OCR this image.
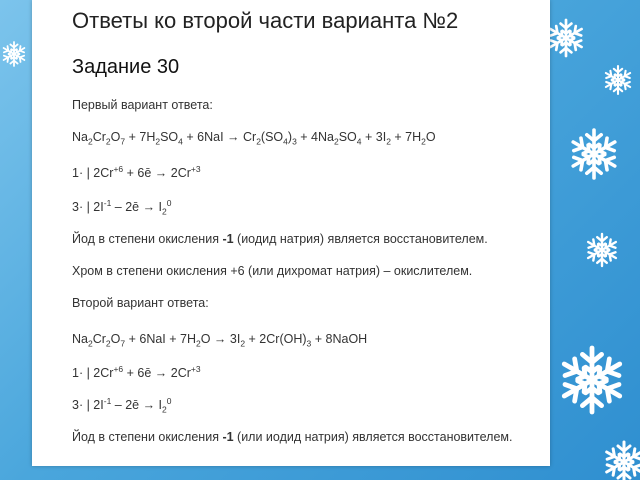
Ответы ко второй части варианта №2
Задание 30
Первый вариант ответа:
$Na_2Cr_2O_7 + 7H_2SO_4 + 6NaI \to Cr_2(SO_4)_3 + 4Na_2SO_4 + 3I_2 + 7H_2O$
1· | $2Cr^{+6}$ + 6ē → $2Cr^{+3}$
3· | $2I^{-1}$ – 2ē → $I_2^0$
Йод в степени окисления -1 (иодид натрия) является восстановителем.
Хром в степени окисления +6 (или дихромат натрия) – окислителем.
Второй вариант ответа:
$Na_2Cr_2O_7 + 6NaI + 7H_2O \to 3I_2 + 2Cr(OH)_3$ + 8NaOH
1· | $2Cr^{+6}$ + 6ē → $2Cr^{+3}$
3· | $2I^{-1}$ – 2ē → $I_2^0$
Йод в степени окисления -1 (или иодид натрия) является восстановителем.
